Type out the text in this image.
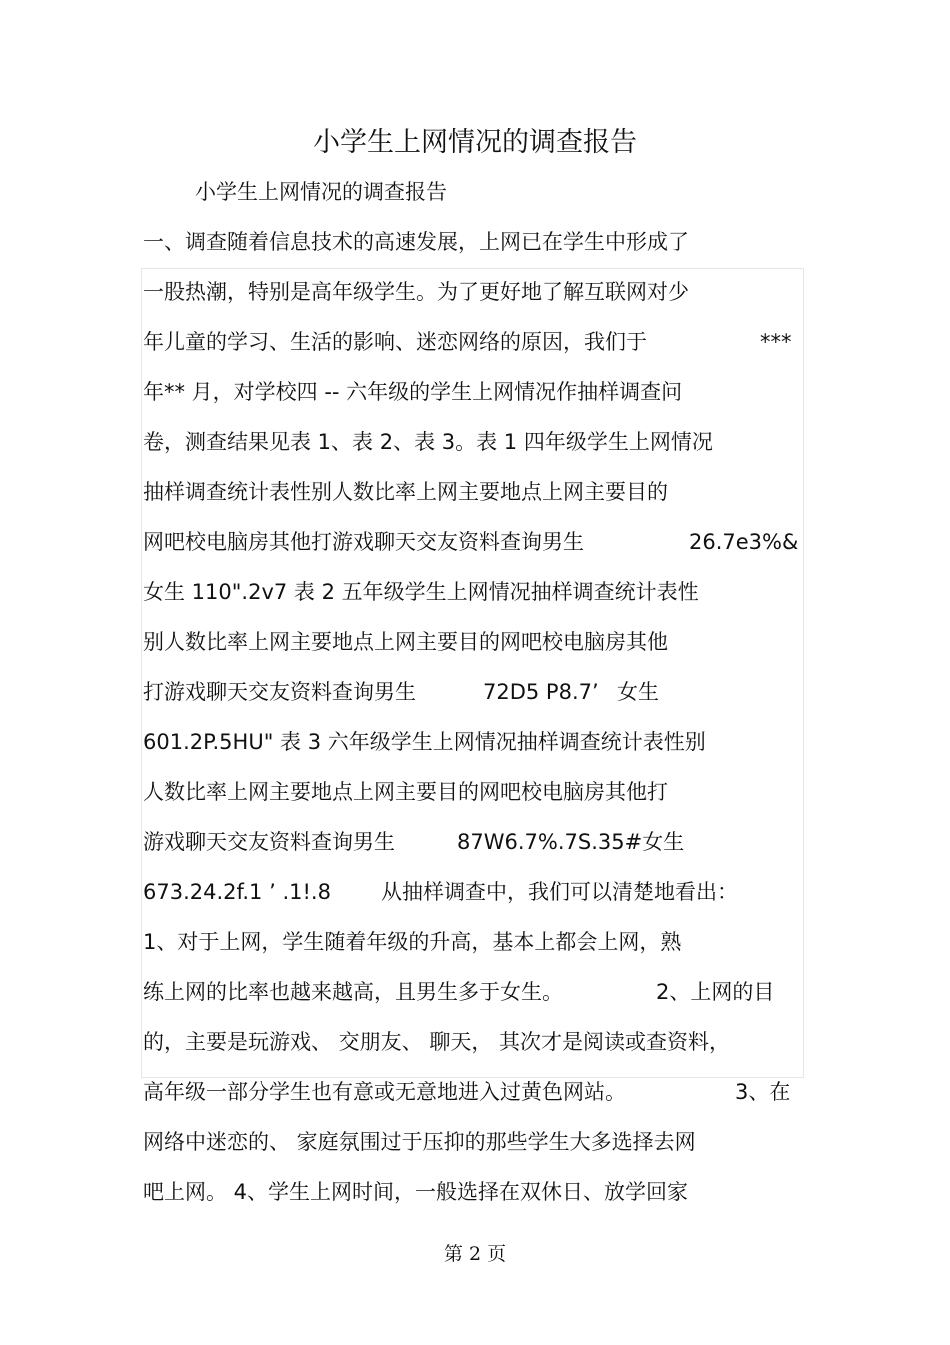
小学生上网情况的调查报告

小学生上网情况的调查报告

一、调查随着信息技术的高速发展，上网已在学生中形成了
一股热潮，特别是高年级学生。为了更好地了解互联网对少
年儿童的学习、生活的影响、迷恋网络的原因，我们于	***
年** 月，对学校四 -- 六年级的学生上网情况作抽样调查问
卷，测查结果见表 1、表 2、表 3。表 1 四年级学生上网情况
抽样调查统计表性别人数比率上网主要地点上网主要目的
网吧校电脑房其他打游戏聊天交友资料查询男生	26.7e3%&
女生 110".2v7 表 2 五年级学生上网情况抽样调查统计表性
别人数比率上网主要地点上网主要目的网吧校电脑房其他
打游戏聊天交友资料查询男生	72D5 P8.7’ 女生
601.2P.5HU" 表 3 六年级学生上网情况抽样调查统计表性别
人数比率上网主要地点上网主要目的网吧校电脑房其他打
游戏聊天交友资料查询男生	87W6.7%.7S.35#女生
673.24.2f.1 ’ .1!.8 从抽样调查中，我们可以清楚地看出：
1、对于上网，学生随着年级的升高，基本上都会上网，熟
练上网的比率也越来越高，且男生多于女生。	2、上网的目
的，主要是玩游戏、 交朋友、 聊天， 其次才是阅读或查资料，
高年级一部分学生也有意或无意地进入过黄色网站。	3、在
网络中迷恋的、 家庭氛围过于压抑的那些学生大多选择去网
吧上网。 4、学生上网时间，一般选择在双休日、放学回家
第 2 页
